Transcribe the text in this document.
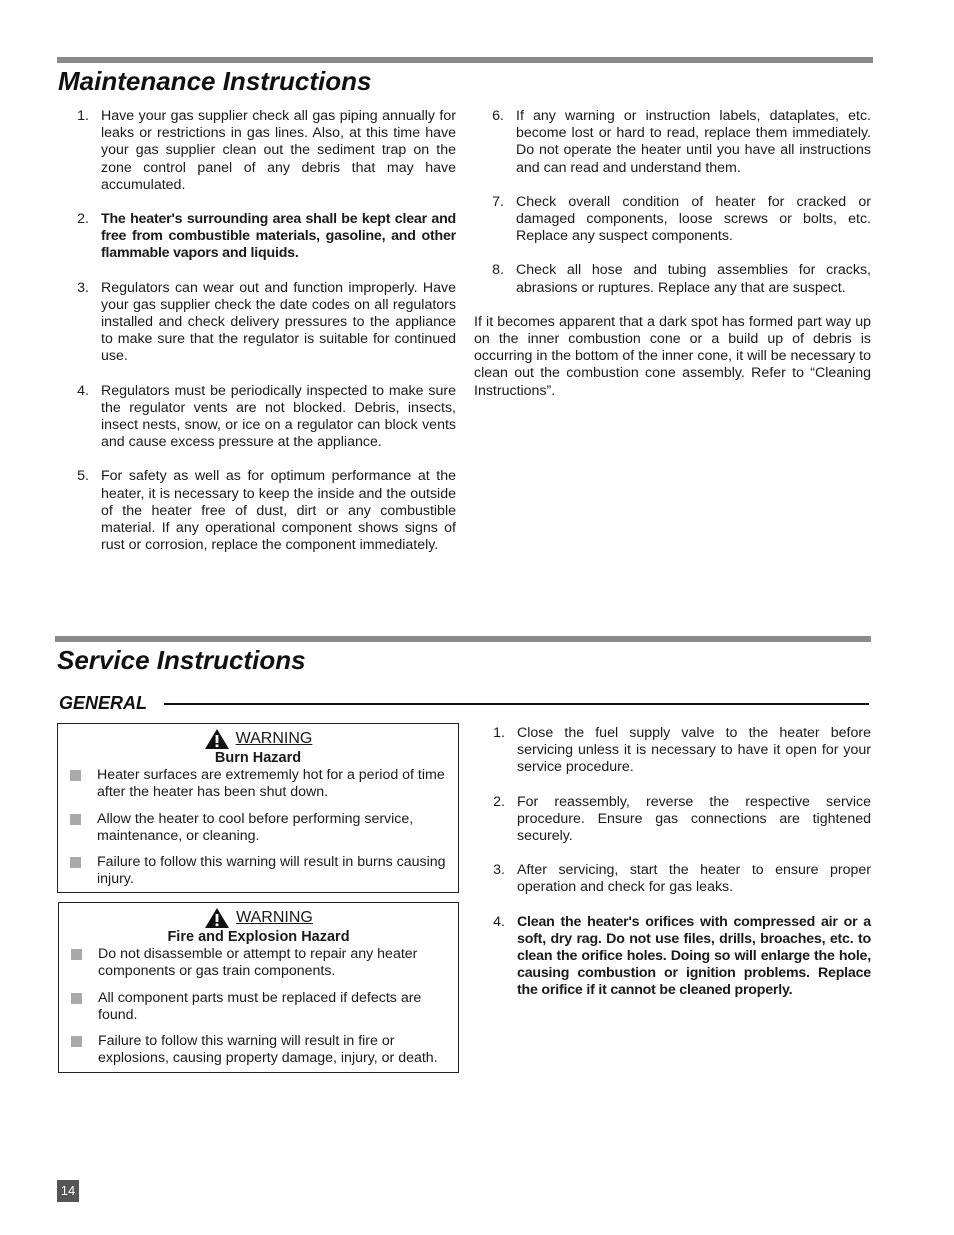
Maintenance Instructions
1. Have your gas supplier check all gas piping annually for leaks or restrictions in gas lines. Also, at this time have your gas supplier clean out the sediment trap on the zone control panel of any debris that may have accumulated.
2. The heater's surrounding area shall be kept clear and free from combustible materials, gasoline, and other flammable vapors and liquids.
3. Regulators can wear out and function improperly. Have your gas supplier check the date codes on all regulators installed and check delivery pressures to the appliance to make sure that the regulator is suitable for continued use.
4. Regulators must be periodically inspected to make sure the regulator vents are not blocked. Debris, insects, insect nests, snow, or ice on a regulator can block vents and cause excess pressure at the appliance.
5. For safety as well as for optimum performance at the heater, it is necessary to keep the inside and the outside of the heater free of dust, dirt or any combustible material. If any operational component shows signs of rust or corrosion, replace the component immediately.
6. If any warning or instruction labels, dataplates, etc. become lost or hard to read, replace them immediately. Do not operate the heater until you have all instructions and can read and understand them.
7. Check overall condition of heater for cracked or damaged components, loose screws or bolts, etc. Replace any suspect components.
8. Check all hose and tubing assemblies for cracks, abrasions or ruptures. Replace any that are suspect.
If it becomes apparent that a dark spot has formed part way up on the inner combustion cone or a build up of debris is occurring in the bottom of the inner cone, it will be necessary to clean out the combustion cone assembly. Refer to “Cleaning Instructions”.
Service Instructions
GENERAL
WARNING
Burn Hazard
Heater surfaces are extrememly hot for a period of time after the heater has been shut down.
Allow the heater to cool before performing service, maintenance, or cleaning.
Failure to follow this warning will result in burns causing injury.
WARNING
Fire and Explosion Hazard
Do not disassemble or attempt to repair any heater components or gas train components.
All component parts must be replaced if defects are found.
Failure to follow this warning will result in fire or explosions, causing property damage, injury, or death.
1. Close the fuel supply valve to the heater before servicing unless it is necessary to have it open for your service procedure.
2. For reassembly, reverse the respective service procedure. Ensure gas connections are tightened securely.
3. After servicing, start the heater to ensure proper operation and check for gas leaks.
4. Clean the heater's orifices with compressed air or a soft, dry rag. Do not use files, drills, broaches, etc. to clean the orifice holes. Doing so will enlarge the hole, causing combustion or ignition problems. Replace the orifice if it cannot be cleaned properly.
14
